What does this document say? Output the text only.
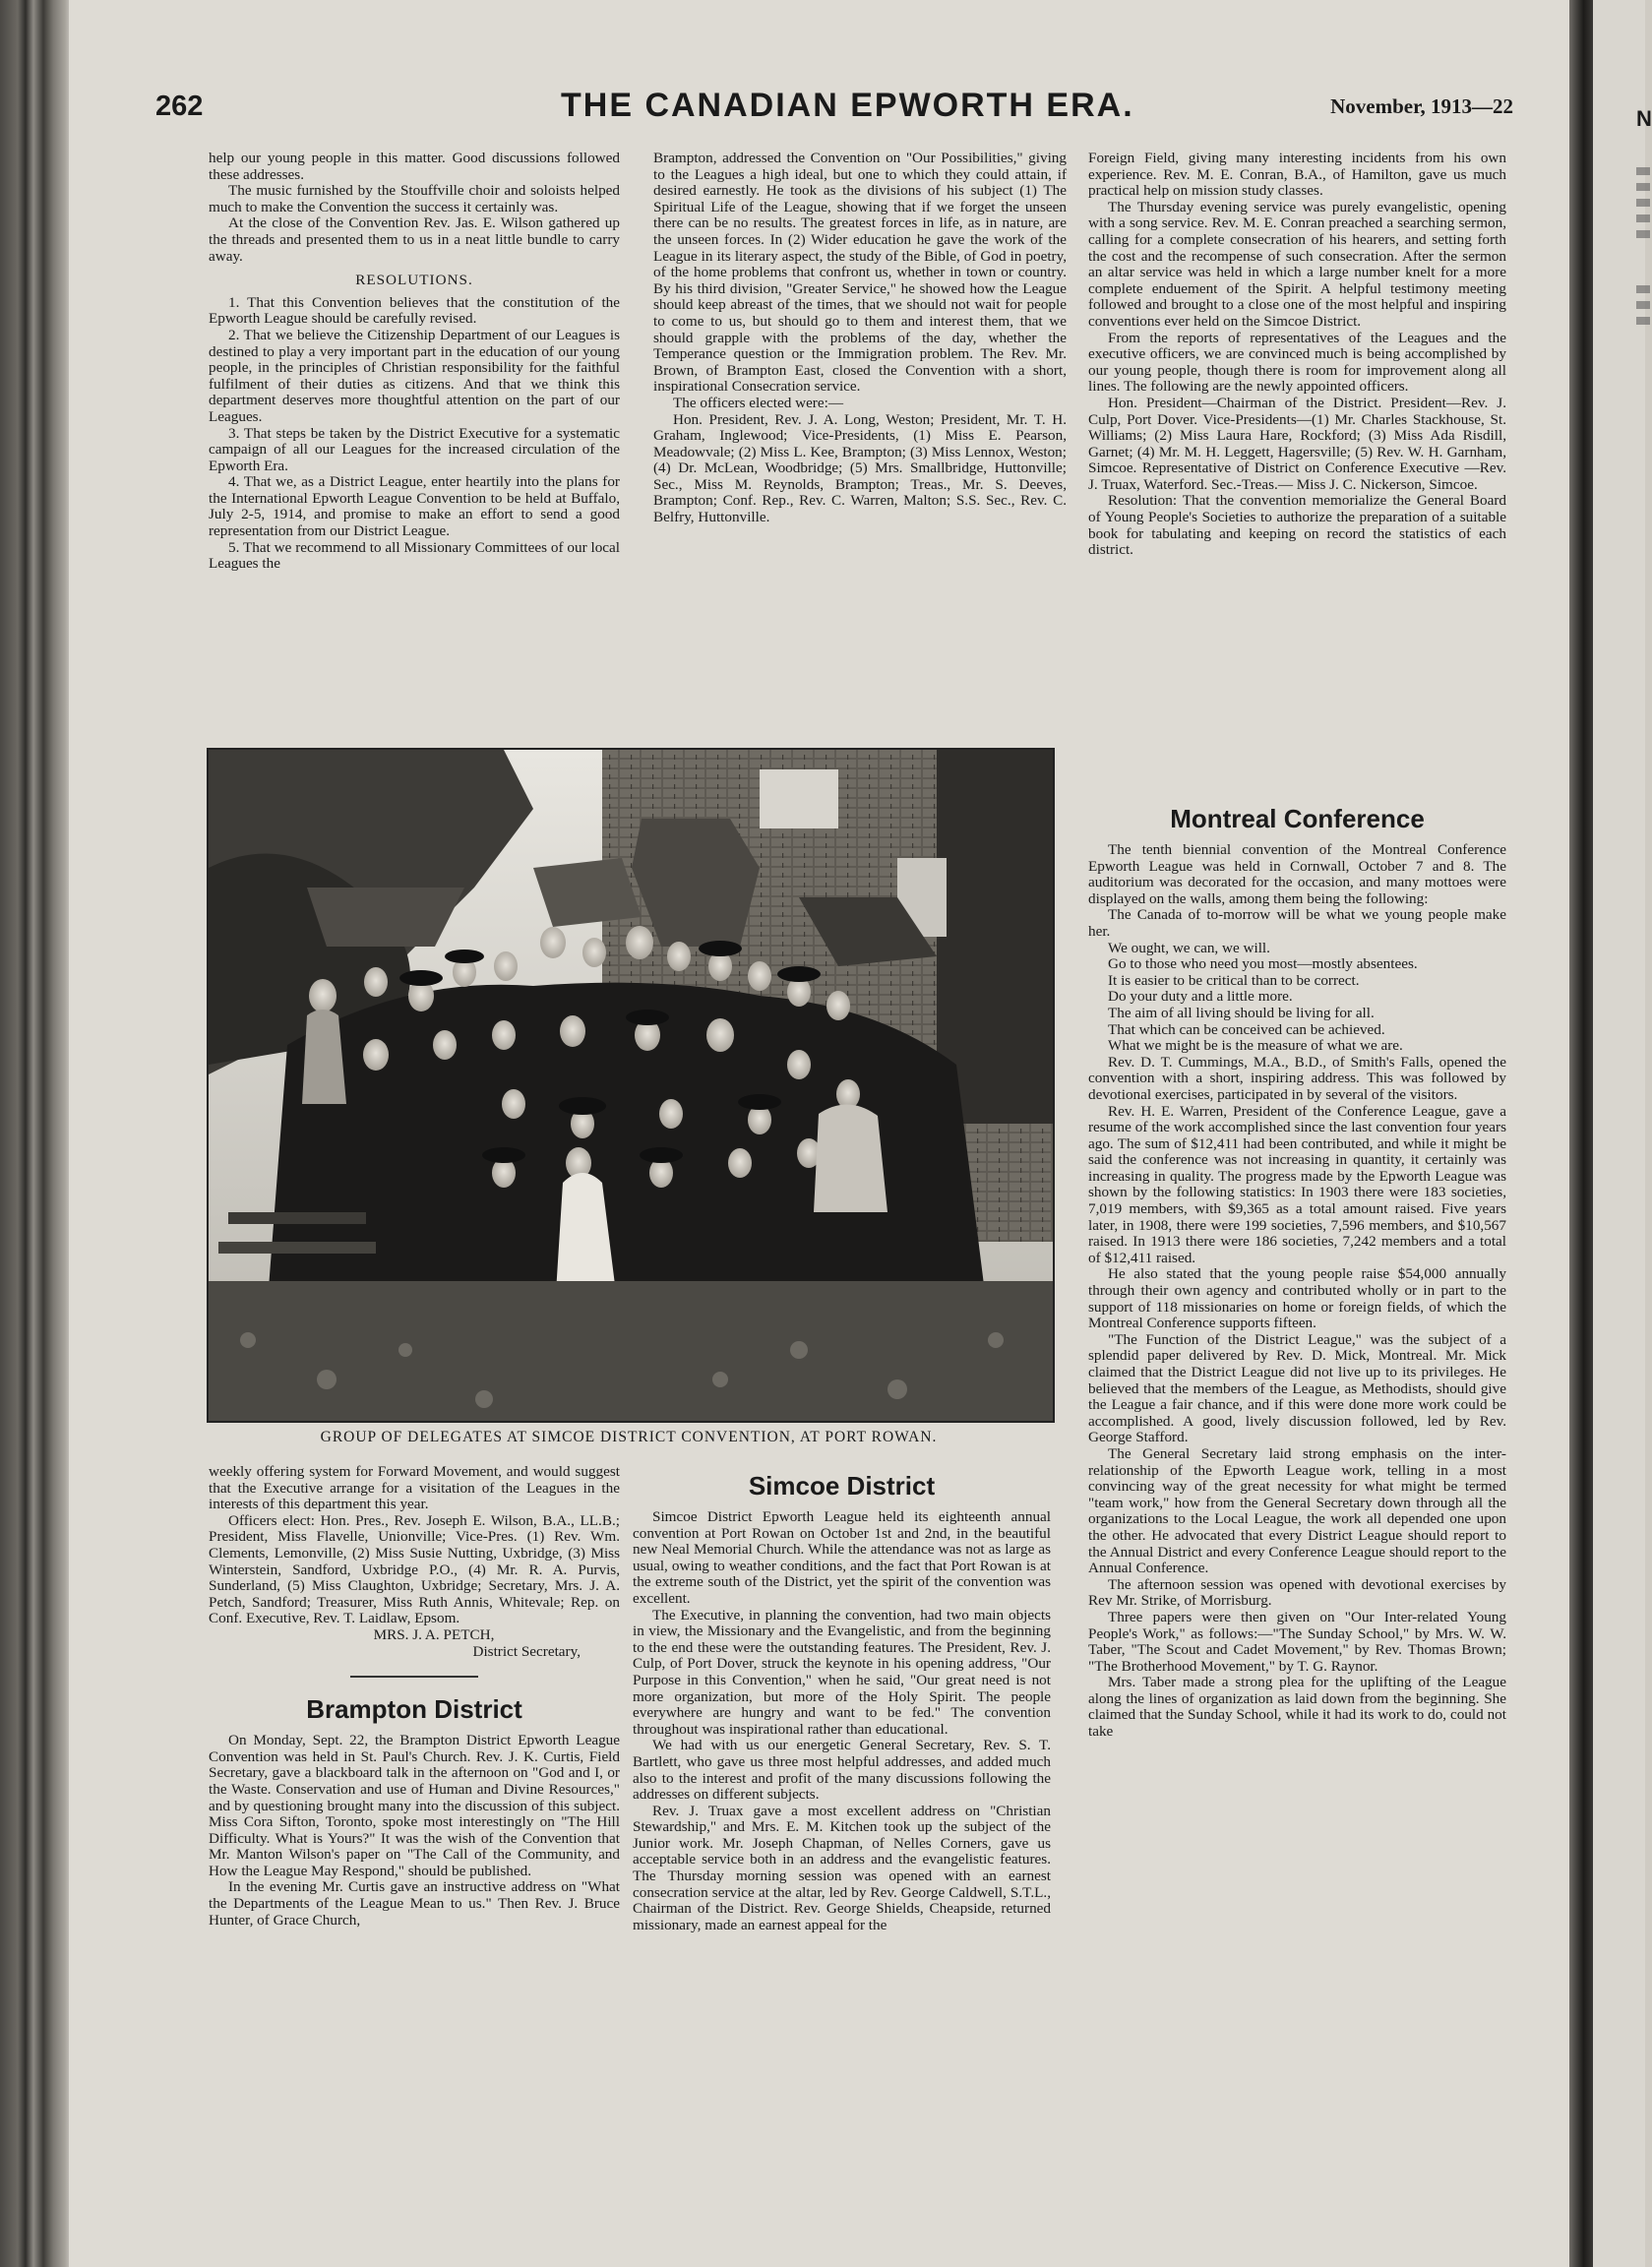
262	THE CANADIAN EPWORTH ERA.	November, 1913—22

help our young people in this matter. Good discussions followed these addresses.

The music furnished by the Stouffville choir and soloists helped much to make the Convention the success it certainly was.

At the close of the Convention Rev. Jas. E. Wilson gathered up the threads and presented them to us in a neat little bundle to carry away.

RESOLUTIONS.

1. That this Convention believes that the constitution of the Epworth League should be carefully revised.

2. That we believe the Citizenship Department of our Leagues is destined to play a very important part in the education of our young people, in the principles of Christian responsibility for the faithful fulfilment of their duties as citizens. And that we think this department deserves more thoughtful attention on the part of our Leagues.

3. That steps be taken by the District Executive for a systematic campaign of all our Leagues for the increased circulation of the Epworth Era.

4. That we, as a District League, enter heartily into the plans for the International Epworth League Convention to be held at Buffalo, July 2-5, 1914, and promise to make an effort to send a good representation from our District League.

5. That we recommend to all Missionary Committees of our local Leagues the

Brampton, addressed the Convention on "Our Possibilities," giving to the Leagues a high ideal, but one to which they could attain, if desired earnestly. He took as the divisions of his subject (1) The Spiritual Life of the League, showing that if we forget the unseen there can be no results. The greatest forces in life, as in nature, are the unseen forces. In (2) Wider education he gave the work of the League in its literary aspect, the study of the Bible, of God in poetry, of the home problems that confront us, whether in town or country. By his third division, "Greater Service," he showed how the League should keep abreast of the times, that we should not wait for people to come to us, but should go to them and interest them, that we should grapple with the problems of the day, whether the Temperance question or the Immigration problem. The Rev. Mr. Brown, of Brampton East, closed the Convention with a short, inspirational Consecration service.

The officers elected were:—

Hon. President, Rev. J. A. Long, Weston; President, Mr. T. H. Graham, Inglewood; Vice-Presidents, (1) Miss E. Pearson, Meadowvale; (2) Miss L. Kee, Brampton; (3) Miss Lennox, Weston; (4) Dr. McLean, Woodbridge; (5) Mrs. Smallbridge, Huttonville; Sec., Miss M. Reynolds, Brampton; Treas., Mr. S. Deeves, Brampton; Conf. Rep., Rev. C. Warren, Malton; S.S. Sec., Rev. C. Belfry, Huttonville.

Foreign Field, giving many interesting incidents from his own experience. Rev. M. E. Conran, B.A., of Hamilton, gave us much practical help on mission study classes.

The Thursday evening service was purely evangelistic, opening with a song service. Rev. M. E. Conran preached a searching sermon, calling for a complete consecration of his hearers, and setting forth the cost and the recompense of such consecration. After the sermon an altar service was held in which a large number knelt for a more complete enduement of the Spirit. A helpful testimony meeting followed and brought to a close one of the most helpful and inspiring conventions ever held on the Simcoe District.

From the reports of representatives of the Leagues and the executive officers, we are convinced much is being accomplished by our young people, though there is room for improvement along all lines. The following are the newly appointed officers.

Hon. President—Chairman of the District. President—Rev. J. Culp, Port Dover. Vice-Presidents—(1) Mr. Charles Stackhouse, St. Williams; (2) Miss Laura Hare, Rockford; (3) Miss Ada Risdill, Garnet; (4) Mr. M. H. Leggett, Hagersville; (5) Rev. W. H. Garnham, Simcoe. Representative of District on Conference Executive —Rev. J. Truax, Waterford. Sec.-Treas.— Miss J. C. Nickerson, Simcoe.

Resolution: That the convention memorialize the General Board of Young People's Societies to authorize the preparation of a suitable book for tabulating and keeping on record the statistics of each district.

GROUP OF DELEGATES AT SIMCOE DISTRICT CONVENTION, AT PORT ROWAN.

weekly offering system for Forward Movement, and would suggest that the Executive arrange for a visitation of the Leagues in the interests of this department this year.

Officers elect: Hon. Pres., Rev. Joseph E. Wilson, B.A., LL.B.; President, Miss Flavelle, Unionville; Vice-Pres. (1) Rev. Wm. Clements, Lemonville, (2) Miss Susie Nutting, Uxbridge, (3) Miss Winterstein, Sandford, Uxbridge P.O., (4) Mr. R. A. Purvis, Sunderland, (5) Miss Claughton, Uxbridge; Secretary, Mrs. J. A. Petch, Sandford; Treasurer, Miss Ruth Annis, Whitevale; Rep. on Conf. Executive, Rev. T. Laidlaw, Epsom.

MRS. J. A. PETCH,

District Secretary,

Brampton District

On Monday, Sept. 22, the Brampton District Epworth League Convention was held in St. Paul's Church. Rev. J. K. Curtis, Field Secretary, gave a blackboard talk in the afternoon on "God and I, or the Waste. Conservation and use of Human and Divine Resources," and by questioning brought many into the discussion of this subject. Miss Cora Sifton, Toronto, spoke most interestingly on "The Hill Difficulty. What is Yours?" It was the wish of the Convention that Mr. Manton Wilson's paper on "The Call of the Community, and How the League May Respond," should be published.

In the evening Mr. Curtis gave an instructive address on "What the Departments of the League Mean to us." Then Rev. J. Bruce Hunter, of Grace Church,

Simcoe District

Simcoe District Epworth League held its eighteenth annual convention at Port Rowan on October 1st and 2nd, in the beautiful new Neal Memorial Church. While the attendance was not as large as usual, owing to weather conditions, and the fact that Port Rowan is at the extreme south of the District, yet the spirit of the convention was excellent.

The Executive, in planning the convention, had two main objects in view, the Missionary and the Evangelistic, and from the beginning to the end these were the outstanding features. The President, Rev. J. Culp, of Port Dover, struck the keynote in his opening address, "Our Purpose in this Convention," when he said, "Our great need is not more organization, but more of the Holy Spirit. The people everywhere are hungry and want to be fed." The convention throughout was inspirational rather than educational.

We had with us our energetic General Secretary, Rev. S. T. Bartlett, who gave us three most helpful addresses, and added much also to the interest and profit of the many discussions following the addresses on different subjects.

Rev. J. Truax gave a most excellent address on "Christian Stewardship," and Mrs. E. M. Kitchen took up the subject of the Junior work. Mr. Joseph Chapman, of Nelles Corners, gave us acceptable service both in an address and the evangelistic features. The Thursday morning session was opened with an earnest consecration service at the altar, led by Rev. George Caldwell, S.T.L., Chairman of the District. Rev. George Shields, Cheapside, returned missionary, made an earnest appeal for the

Montreal Conference

The tenth biennial convention of the Montreal Conference Epworth League was held in Cornwall, October 7 and 8. The auditorium was decorated for the occasion, and many mottoes were displayed on the walls, among them being the following:

The Canada of to-morrow will be what we young people make her.

We ought, we can, we will.

Go to those who need you most—mostly absentees.

It is easier to be critical than to be correct.

Do your duty and a little more.

The aim of all living should be living for all.

That which can be conceived can be achieved.

What we might be is the measure of what we are.

Rev. D. T. Cummings, M.A., B.D., of Smith's Falls, opened the convention with a short, inspiring address. This was followed by devotional exercises, participated in by several of the visitors.

Rev. H. E. Warren, President of the Conference League, gave a resume of the work accomplished since the last convention four years ago. The sum of $12,411 had been contributed, and while it might be said the conference was not increasing in quantity, it certainly was increasing in quality. The progress made by the Epworth League was shown by the following statistics: In 1903 there were 183 societies, 7,019 members, with $9,365 as a total amount raised. Five years later, in 1908, there were 199 societies, 7,596 members, and $10,567 raised. In 1913 there were 186 societies, 7,242 members and a total of $12,411 raised.

He also stated that the young people raise $54,000 annually through their own agency and contributed wholly or in part to the support of 118 missionaries on home or foreign fields, of which the Montreal Conference supports fifteen.

"The Function of the District League," was the subject of a splendid paper delivered by Rev. D. Mick, Montreal. Mr. Mick claimed that the District League did not live up to its privileges. He believed that the members of the League, as Methodists, should give the League a fair chance, and if this were done more work could be accomplished. A good, lively discussion followed, led by Rev. George Stafford.

The General Secretary laid strong emphasis on the inter-relationship of the Epworth League work, telling in a most convincing way of the great necessity for what might be termed "team work," how from the General Secretary down through all the organizations to the Local League, the work all depended one upon the other. He advocated that every District League should report to the Annual District and every Conference League should report to the Annual Conference.

The afternoon session was opened with devotional exercises by Rev Mr. Strike, of Morrisburg.

Three papers were then given on "Our Inter-related Young People's Work," as follows:—"The Sunday School," by Mrs. W. W. Taber, "The Scout and Cadet Movement," by Rev. Thomas Brown; "The Brotherhood Movement," by T. G. Raynor.

Mrs. Taber made a strong plea for the uplifting of the League along the lines of organization as laid down from the beginning. She claimed that the Sunday School, while it had its work to do, could not take

N
